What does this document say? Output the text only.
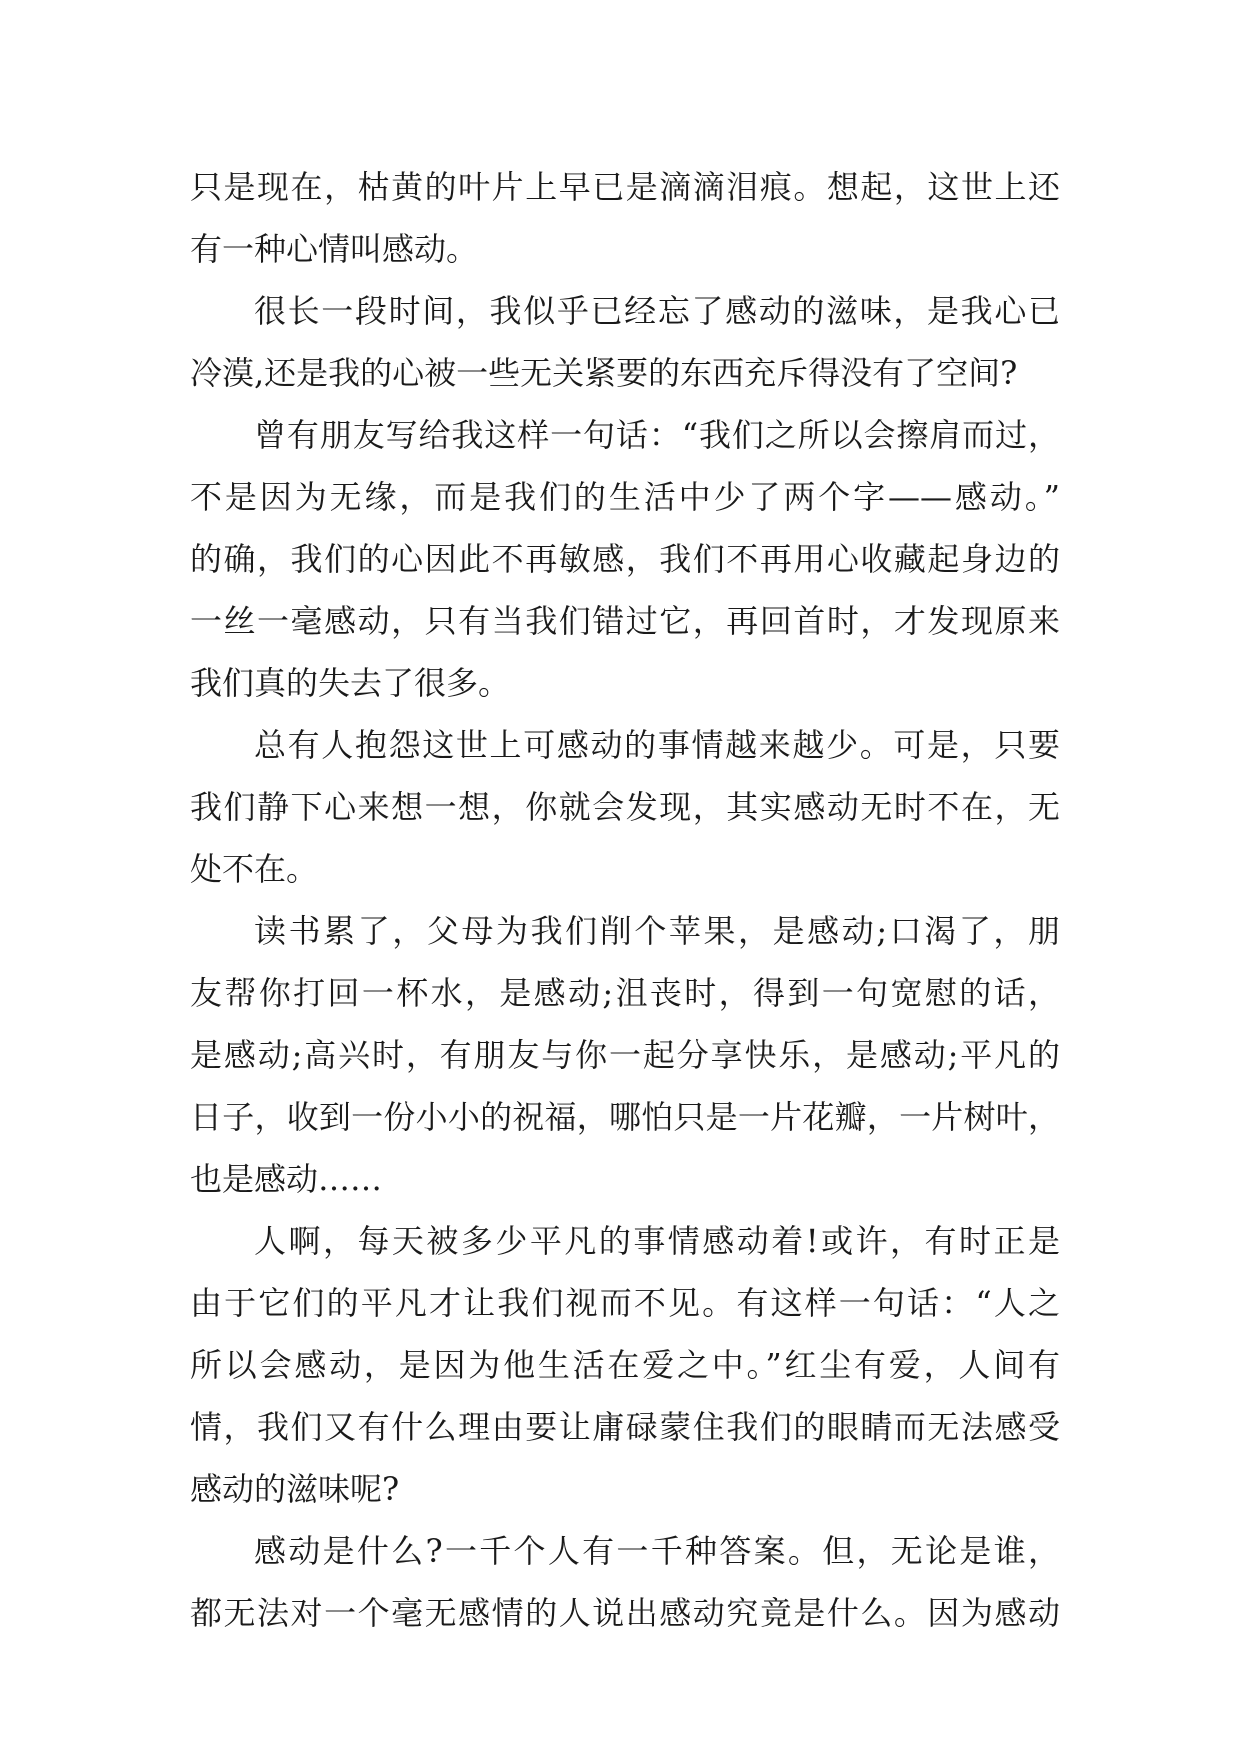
只是现在，枯黄的叶片上早已是滴滴泪痕。想起，这世上还
有一种心情叫感动。
很长一段时间，我似乎已经忘了感动的滋味，是我心已
冷漠,还是我的心被一些无关紧要的东西充斥得没有了空间?
曾有朋友写给我这样一句话：“我们之所以会擦肩而过，
不是因为无缘，而是我们的生活中少了两个字——感动。”
的确，我们的心因此不再敏感，我们不再用心收藏起身边的
一丝一毫感动，只有当我们错过它，再回首时，才发现原来
我们真的失去了很多。
总有人抱怨这世上可感动的事情越来越少。可是，只要
我们静下心来想一想，你就会发现，其实感动无时不在，无
处不在。
读书累了，父母为我们削个苹果，是感动;口渴了，朋
友帮你打回一杯水，是感动;沮丧时，得到一句宽慰的话，
是感动;高兴时，有朋友与你一起分享快乐，是感动;平凡的
日子，收到一份小小的祝福，哪怕只是一片花瓣，一片树叶，
也是感动……
人啊，每天被多少平凡的事情感动着!或许，有时正是
由于它们的平凡才让我们视而不见。有这样一句话：“人之
所以会感动，是因为他生活在爱之中。”红尘有爱，人间有
情，我们又有什么理由要让庸碌蒙住我们的眼睛而无法感受
感动的滋味呢?
感动是什么?一千个人有一千种答案。但，无论是谁，
都无法对一个毫无感情的人说出感动究竟是什么。因为感动
